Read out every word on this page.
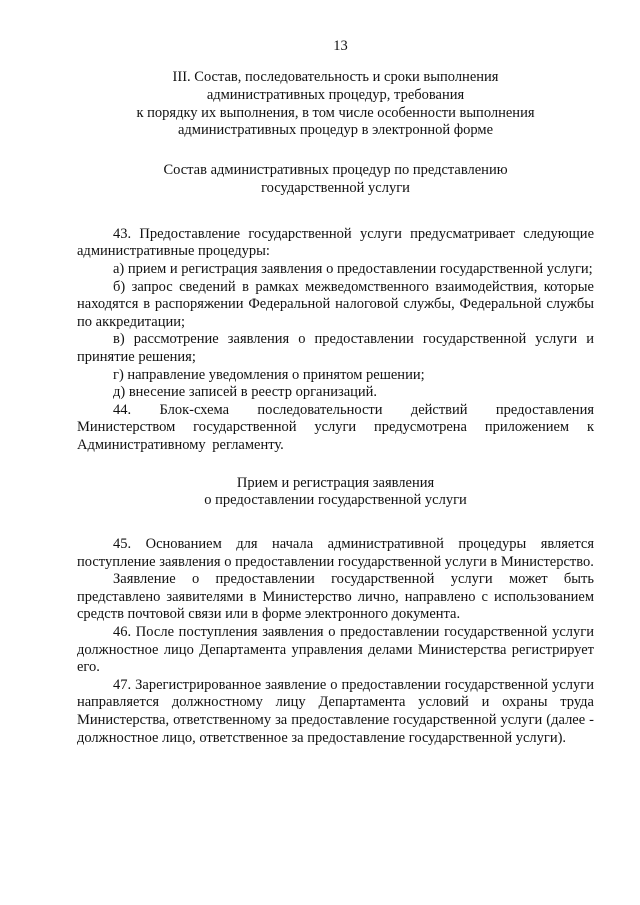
13
III. Состав, последовательность и сроки выполнения
административных процедур, требования
к порядку их выполнения, в том числе особенности выполнения
административных процедур в электронной форме
Состав административных процедур по представлению
государственной услуги

43. Предоставление государственной услуги предусматривает следующие административные процедуры:

а) прием и регистрация заявления о предоставлении государственной услуги;

б) запрос сведений в рамках межведомственного взаимодействия, которые находятся в распоряжении Федеральной налоговой службы, Федеральной службы по аккредитации;

в) рассмотрение заявления о предоставлении государственной услуги и принятие решения;

г) направление уведомления о принятом решении;

д) внесение записей в реестр организаций.

44. Блок-схема последовательности действий предоставления Министерством государственной услуги предусмотрена приложением к Административному регламенту.

Прием и регистрация заявления
о предоставлении государственной услуги

45. Основанием для начала административной процедуры является поступление заявления о предоставлении государственной услуги в Министерство.

Заявление о предоставлении государственной услуги может быть представлено заявителями в Министерство лично, направлено с использованием средств почтовой связи или в форме электронного документа.

46. После поступления заявления о предоставлении государственной услуги должностное лицо Департамента управления делами Министерства регистрирует его.

47. Зарегистрированное заявление о предоставлении государственной услуги направляется должностному лицу Департамента условий и охраны труда Министерства, ответственному за предоставление государственной услуги (далее - должностное лицо, ответственное за предоставление государственной услуги).
